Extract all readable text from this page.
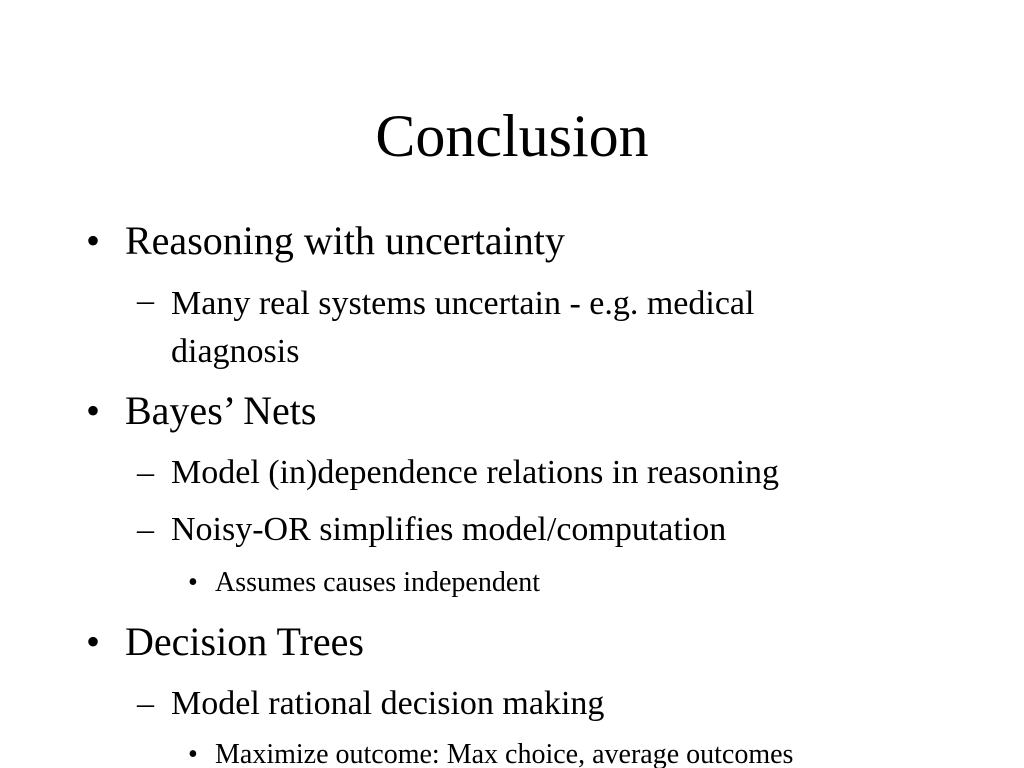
Conclusion
• Reasoning with uncertainty
– Many real systems uncertain - e.g. medical diagnosis
• Bayes’ Nets
– Model (in)dependence relations in reasoning
– Noisy-OR simplifies model/computation
• Assumes causes independent
• Decision Trees
– Model rational decision making
• Maximize outcome: Max choice, average outcomes
